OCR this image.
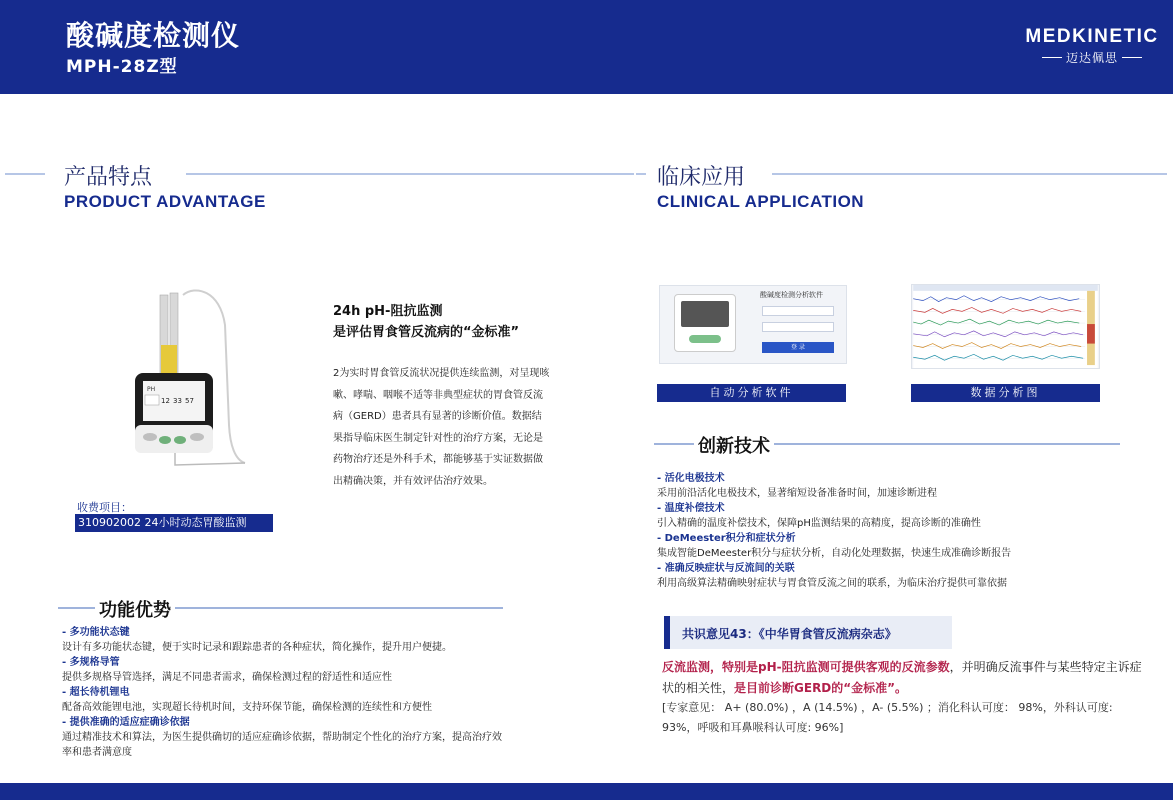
酸碱度检测仪
MPH-28Z型
MEDKINETIC
迈达佩思
产品特点
PRODUCT ADVANTAGE
临床应用
CLINICAL APPLICATION
PH
12 33 57
24h pH-阻抗监测
是评估胃食管反流病的“金标准”
2为实时胃食管反流状况提供连续监测，对呈现咳嗽、哮喘、咽喉不适等非典型症状的胃食管反流病（GERD）患者具有显著的诊断价值。数据结果指导临床医生制定针对性的治疗方案，无论是药物治疗还是外科手术，都能够基于实证数据做出精确决策，并有效评估治疗效果。
收费项目：
310902002 24小时动态胃酸监测
功能优势
- 多功能状态键
设计有多功能状态键，便于实时记录和跟踪患者的各种症状，简化操作，提升用户便捷。
- 多规格导管
提供多规格导管选择，满足不同患者需求，确保检测过程的舒适性和适应性
- 超长待机锂电
配备高效能锂电池，实现超长待机时间，支持环保节能，确保检测的连续性和方便性
- 提供准确的适应症确诊依据
通过精准技术和算法，为医生提供确切的适应症确诊依据，帮助制定个性化的治疗方案，提高治疗效率和患者满意度
酸碱度检测分析软件
登 录
自动分析软件	数据分析图
创新技术
- 活化电极技术
采用前沿活化电极技术，显著缩短设备准备时间，加速诊断进程
- 温度补偿技术
引入精确的温度补偿技术，保障pH监测结果的高精度，提高诊断的准确性
- DeMeester积分和症状分析
集成智能DeMeester积分与症状分析，自动化处理数据，快速生成准确诊断报告
- 准确反映症状与反流间的关联
利用高级算法精确映射症状与胃食管反流之间的联系，为临床治疗提供可靠依据
共识意见43：《中华胃食管反流病杂志》
反流监测，特别是pH-阻抗监测可提供客观的反流参数，并明确反流事件与某些特定主诉症状的相关性，是目前诊断GERD的“金标准”。
[专家意见： A+ (80.0%) ，A (14.5%) ，A- (5.5%) ；消化科认可度： 98%，外科认可度: 93%，呼吸和耳鼻喉科认可度: 96%]
